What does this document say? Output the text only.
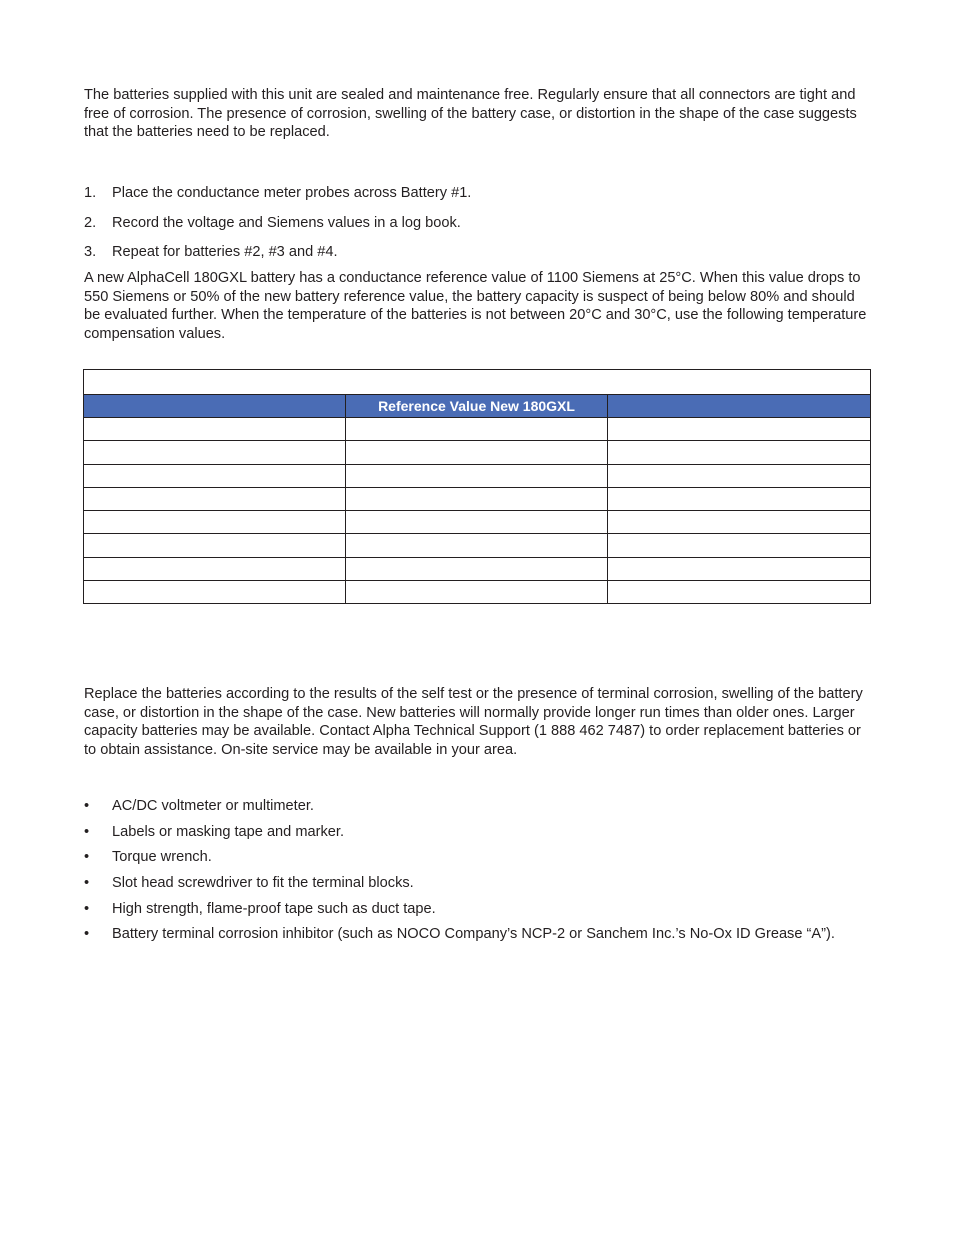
The batteries supplied with this unit are sealed and maintenance free. Regularly ensure that all connectors are tight and free of corrosion. The presence of corrosion, swelling of the battery case, or distortion in the shape of the case suggests that the batteries need to be replaced.

1.	Place the conductance meter probes across Battery #1.
2.	Record the voltage and Siemens values in a log book.
3.	Repeat for batteries #2, #3 and #4.

A new AlphaCell 180GXL battery has a conductance reference value of 1100 Siemens at 25°C. When this value drops to 550 Siemens or 50% of the new battery reference value, the battery capacity is suspect of being below 80% and should be evaluated further. When the temperature of the batteries is not between 20°C and 30°C, use the following temperature compensation values.

	Reference Value New 180GXL	

Replace the batteries according to the results of the self test or the presence of terminal corrosion, swelling of the battery case, or distortion in the shape of the case. New batteries will normally provide longer run times than older ones. Larger capacity batteries may be available. Contact Alpha Technical Support (1 888 462 7487) to order replacement batteries or to obtain assistance. On-site service may be available in your area.

•	AC/DC voltmeter or multimeter.
•	Labels or masking tape and marker.
•	Torque wrench.
•	Slot head screwdriver to fit the terminal blocks.
•	High strength, flame-proof tape such as duct tape.
•	Battery terminal corrosion inhibitor (such as NOCO Company’s NCP-2 or Sanchem Inc.’s No-Ox ID Grease “A”).
